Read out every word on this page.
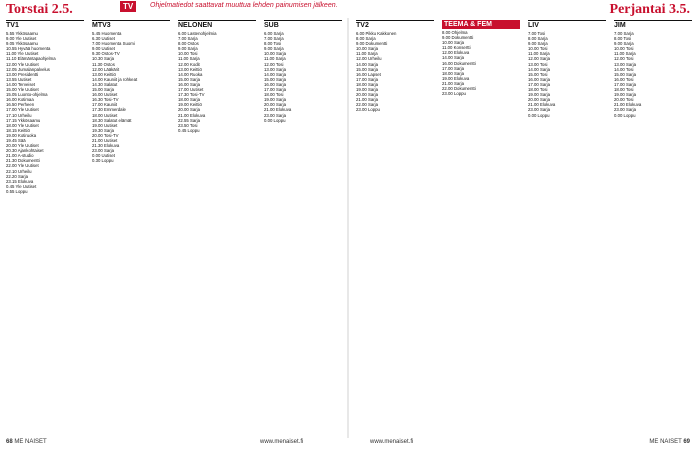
Torstai 2.5.	TV	Ohjelmatiedot saattavat muuttua lehden painumisen jälkeen.	Perjantai 3.5.
TV1
5.55 Ykkösaamu
9.00 Yle Uutiset
9.05 Ykkösaamu
10.55 Hyvää huomenta
11.00 Yle Uutiset
11.10 Elämäntapaohjelma
12.00 Yle Uutiset
12.05 Jumalanpalvelus
13.00 Presidentti
13.55 Uutiset
14.00 Terveiset
15.00 Yle Uutiset
15.05 Luonto-ohjelma
16.00 Kotimaa
16.50 Perheen
17.00 Yle Uutiset
17.10 Urheilu
17.15 Ykkösaamu
18.00 Yle Uutiset
18.15 Keittiö
19.00 Kotiruoka
19.45 Sää
20.00 Yle Uutiset
20.30 Ajankohtaiset
21.00 A-studio
21.30 Dokumentti
22.00 Yle Uutiset
22.10 Urheilu
22.20 Sarja
23.15 Elokuva
0.45 Yle Uutiset
0.55 Loppu
MTV3
5.45 Huomenta
6.30 Uutiset
7.00 Huomenta Suomi
9.00 Uutiset
9.30 Ostos-TV
10.30 Sarja
11.30 Ostos
12.00 Lääkärit
13.00 Keittiö
14.00 Kauniit ja rohkeat
14.30 Salatut
15.00 Sarja
16.00 Uutiset
16.30 Tosi-TV
17.00 Kauniit
17.30 Emmerdale
18.00 Uutiset
18.30 Salatut elämät
19.00 Uutiset
19.30 Sarja
20.00 Tosi-TV
21.00 Uutiset
21.30 Elokuva
23.00 Sarja
0.00 Uutiset
0.30 Loppu
NELONEN
6.00 Lastenohjelmia
7.00 Sarja
8.00 Ostos
9.00 Sarja
10.00 Tosi
11.00 Sarja
12.00 Kodit
13.00 Keittiö
14.00 Ruoka
15.00 Sarja
16.00 Sarja
17.00 Uutiset
17.30 Tosi-TV
18.00 Sarja
19.00 Keittiö
20.00 Sarja
21.00 Elokuva
22.55 Sarja
23.50 Tosi
0.45 Loppu
SUB
6.00 Sarja
7.00 Sarja
8.00 Tosi
9.00 Sarja
10.00 Sarja
11.00 Sarja
12.00 Tosi
13.00 Sarja
14.00 Sarja
15.00 Sarja
16.00 Sarja
17.00 Sarja
18.00 Tosi
19.00 Sarja
20.00 Sarja
21.00 Elokuva
23.00 Sarja
0.00 Loppu
TV2
6.00 Pikku Kakkonen
8.00 Sarja
9.00 Dokumentti
10.00 Sarja
11.00 Sarja
12.00 Urheilu
14.00 Sarja
15.00 Sarja
16.00 Lapset
17.00 Sarja
18.00 Sarja
19.00 Sarja
20.00 Sarja
21.00 Sarja
22.00 Sarja
23.00 Loppu
TEEMA & FEM
8.00 Ohjelma
9.00 Dokumentti
10.00 Sarja
11.00 Konsertti
12.00 Elokuva
14.00 Sarja
16.00 Dokumentti
17.00 Sarja
18.00 Sarja
19.00 Elokuva
21.00 Sarja
22.00 Dokumentti
23.00 Loppu
LIV
7.00 Tosi
8.00 Sarja
9.00 Sarja
10.00 Tosi
11.00 Sarja
12.00 Sarja
13.00 Tosi
14.00 Sarja
15.00 Tosi
16.00 Sarja
17.00 Sarja
18.00 Tosi
19.00 Sarja
20.00 Sarja
21.00 Elokuva
23.00 Sarja
0.00 Loppu
JIM
7.00 Sarja
8.00 Tosi
9.00 Sarja
10.00 Tosi
11.00 Sarja
12.00 Tosi
13.00 Sarja
14.00 Tosi
15.00 Sarja
16.00 Tosi
17.00 Sarja
18.00 Tosi
19.00 Sarja
20.00 Tosi
21.00 Elokuva
23.00 Sarja
0.00 Loppu
68 ME NAISET	www.menaiset.fi	www.menaiset.fi	ME NAISET 69
